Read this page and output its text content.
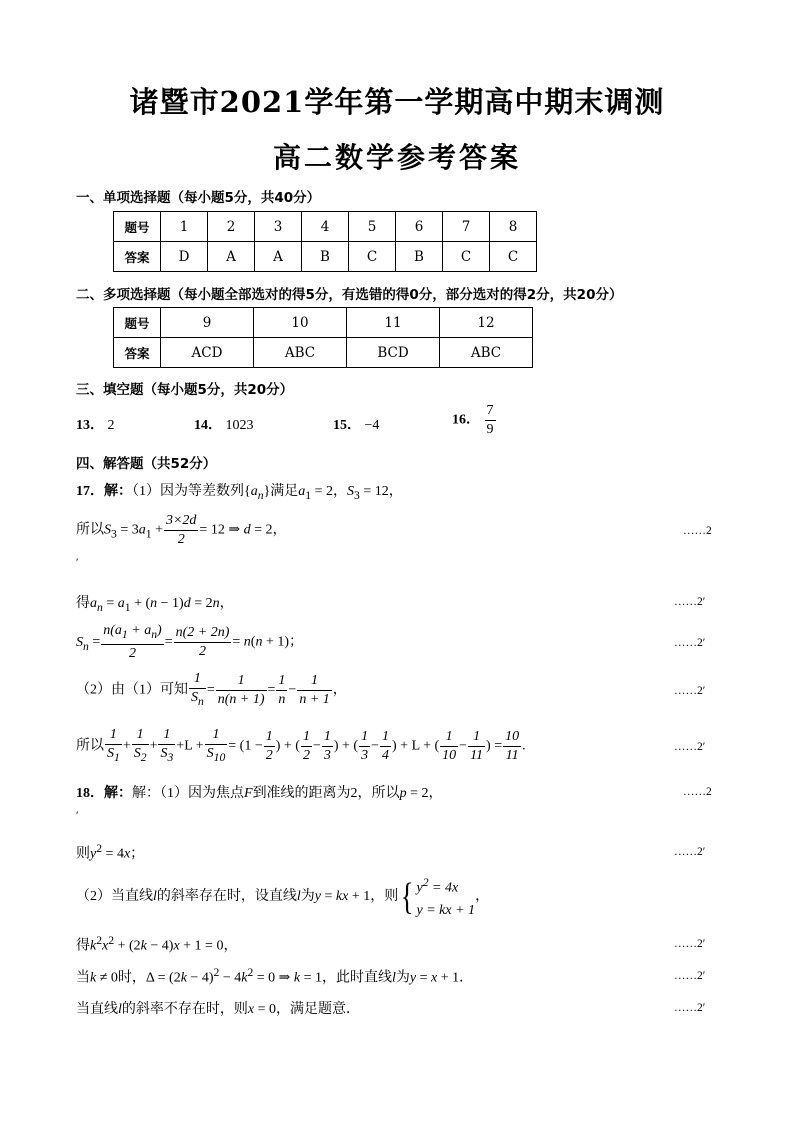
诸暨市2021学年第一学期高中期末调测
高二数学参考答案
一、单项选择题（每小题5分，共40分）
题号	1	2	3	4	5	6	7	8
答案	D	A	A	B	C	B	C	C
二、多项选择题（每小题全部选对的得5分，有选错的得0分，部分选对的得2分，共20分）
题号	9	10	11	12
答案	ACD	ABC	BCD	ABC
三、填空题（每小题5分，共20分）
13． 2	14． 1023	15． −4	16． $\frac{7}{9}$
四、解答题（共52分）
17．解：（1）因为等差数列$\{a_n\}$满足$a_1 = 2$，$S_3 = 12$，
所以$S_3 = 3a_1 + \frac{3\times 2d}{2} = 12$ ⇒ d = 2，	……2
′
得$a_n = a_1 + (n - 1)d = 2n$，	……2′
$S_n = \frac{n(a_1 + a_n)}{2} = \frac{n(2 + 2n)}{2} = n(n + 1)$；	……2′
（2）由（1）可知 $\frac{1}{S_n} = \frac{1}{n(n + 1)} = \frac{1}{n} - \frac{1}{n + 1}$ ，	……2′
所以 $\frac{1}{S_1} + \frac{1}{S_2} + \frac{1}{S_3} +L + \frac{1}{S_{10}} = (1 - \frac{1}{2}$ ) + ( $\frac{1}{2} - \frac{1}{3}$ ) + ( $\frac{1}{3} - \frac{1}{4}$ ) + L + ( $\frac{1}{10} - \frac{1}{11}$ ) = $\frac{10}{11}$ .	……2′
18．解：解：（1）因为焦点F到准线的距离为2，所以p = 2，	……2
′
则$y^2 = 4x$；	……2′
（2）当直线l的斜率存在时，设直线l为y = kx + 1，则{ $y^2 = 4x$
y = kx + 1
，
得$k^2x^2 + (2k - 4)x + 1 = 0$，	……2′
当k ≠ 0时，$\Delta = (2k - 4)^2 - 4k^2 = 0$ ⇒ k = 1，此时直线l为y = x + 1．	……2′
当直线l的斜率不存在时，则x = 0，满足题意．	……2′
